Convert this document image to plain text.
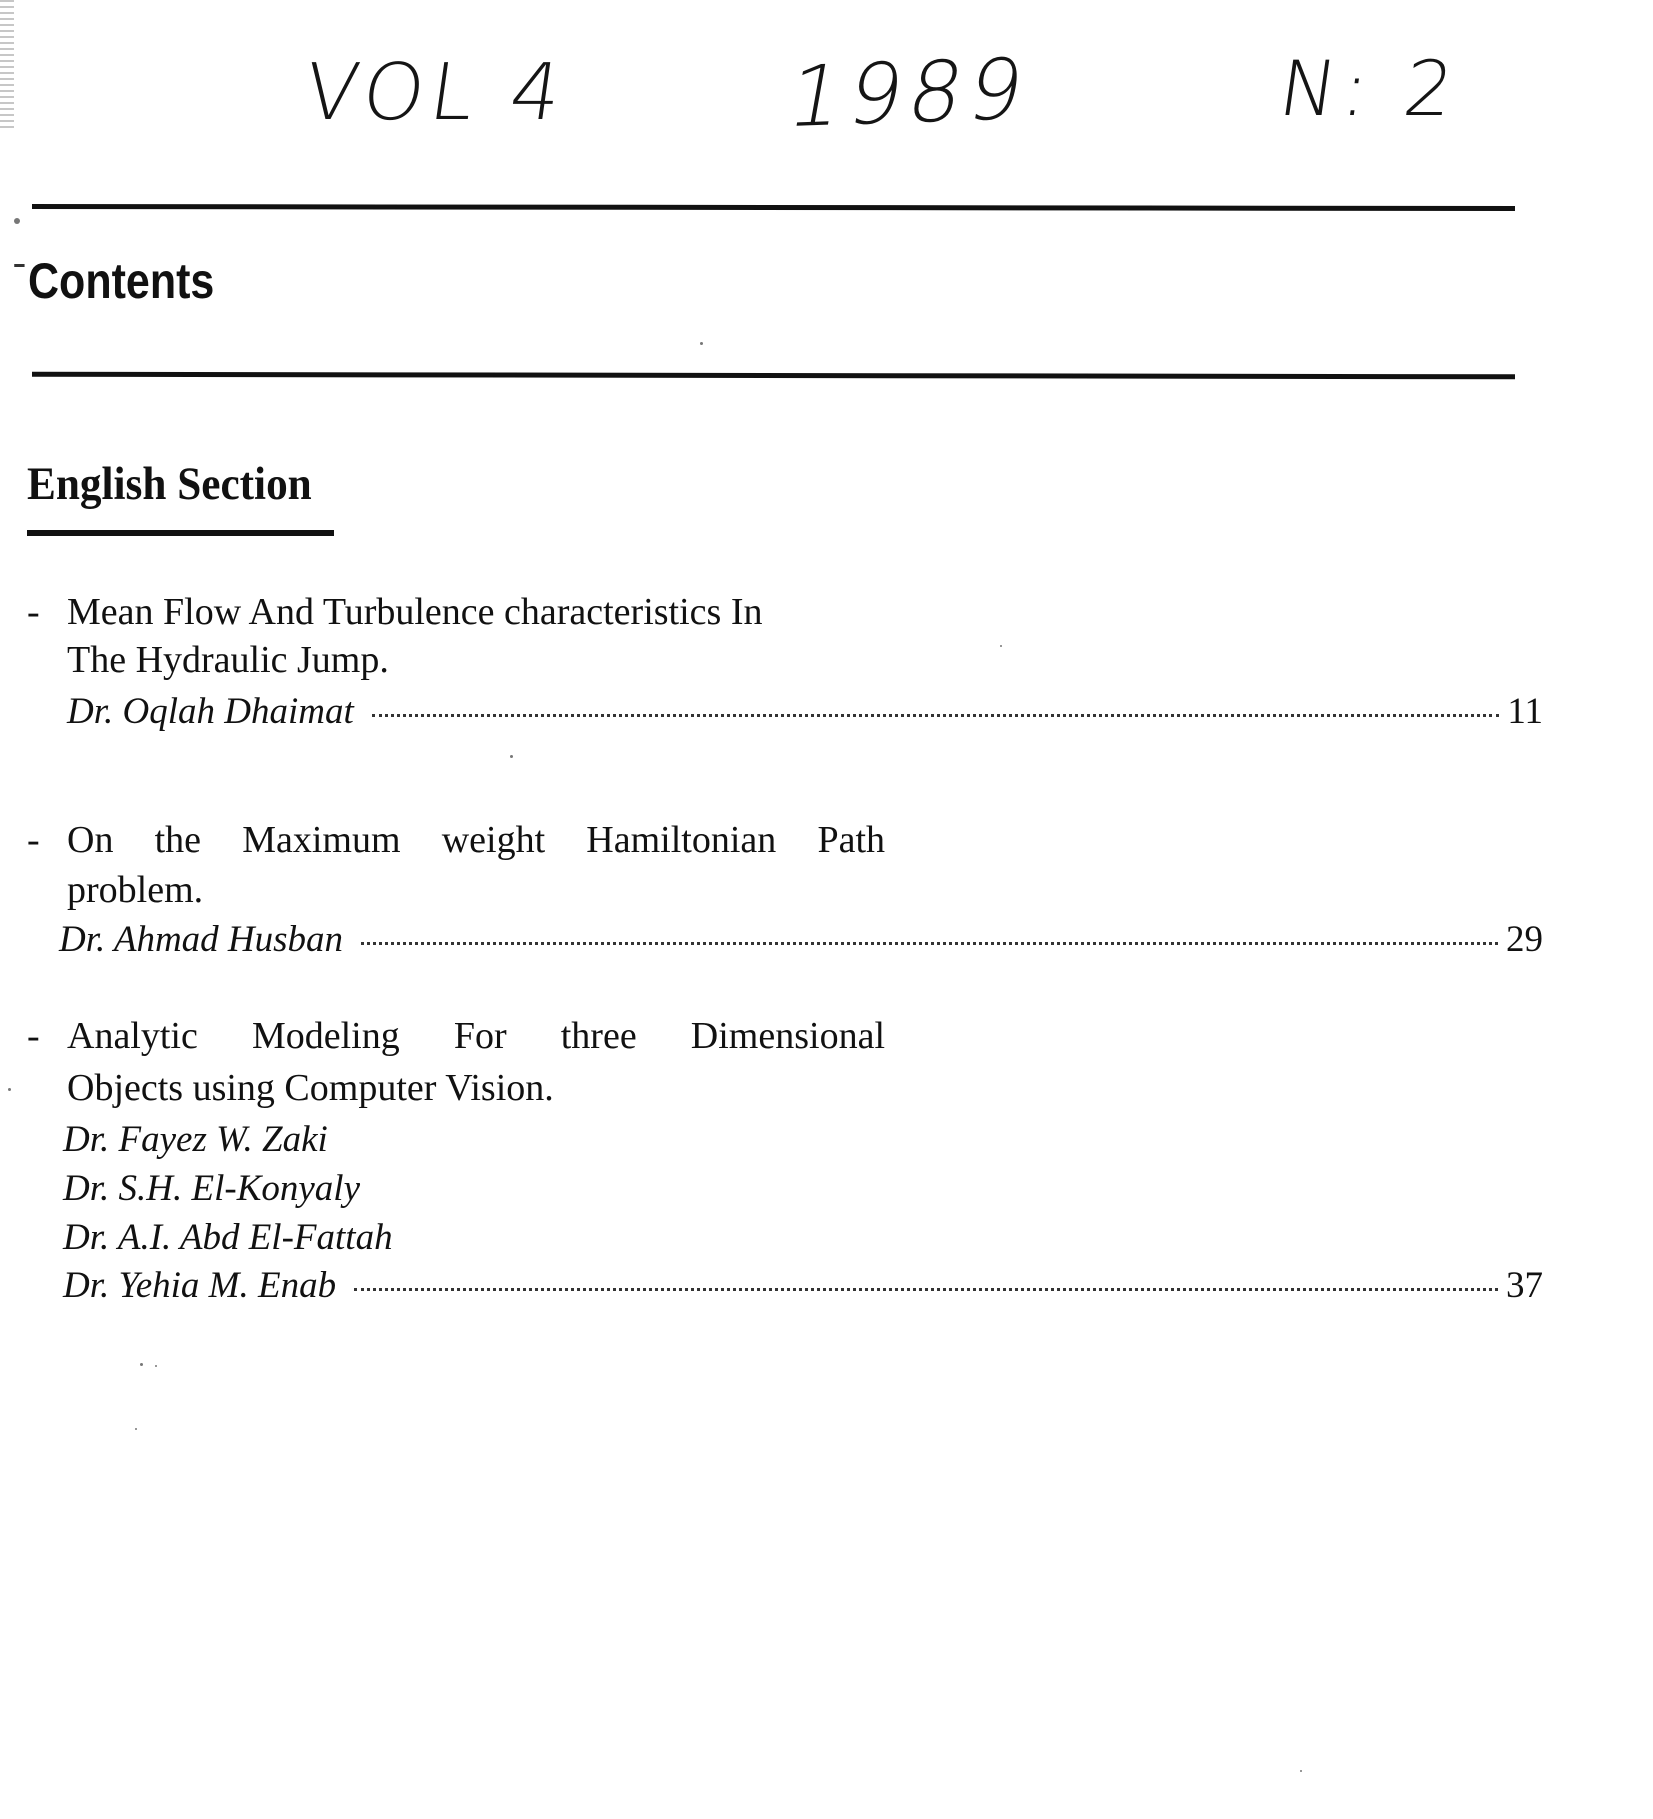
VOL 4 1989	N: 2
Contents
English Section
- Mean Flow And Turbulence characteristics In
The Hydraulic Jump.
Dr. Oqlah Dhaimat	11
- On the Maximum weight Hamiltonian Path
problem.
Dr. Ahmad Husban	29
- Analytic Modeling For three Dimensional
Objects using Computer Vision.
Dr. Fayez W. Zaki
Dr. S.H. El-Konyaly
Dr. A.I. Abd El-Fattah
Dr. Yehia M. Enab	37
